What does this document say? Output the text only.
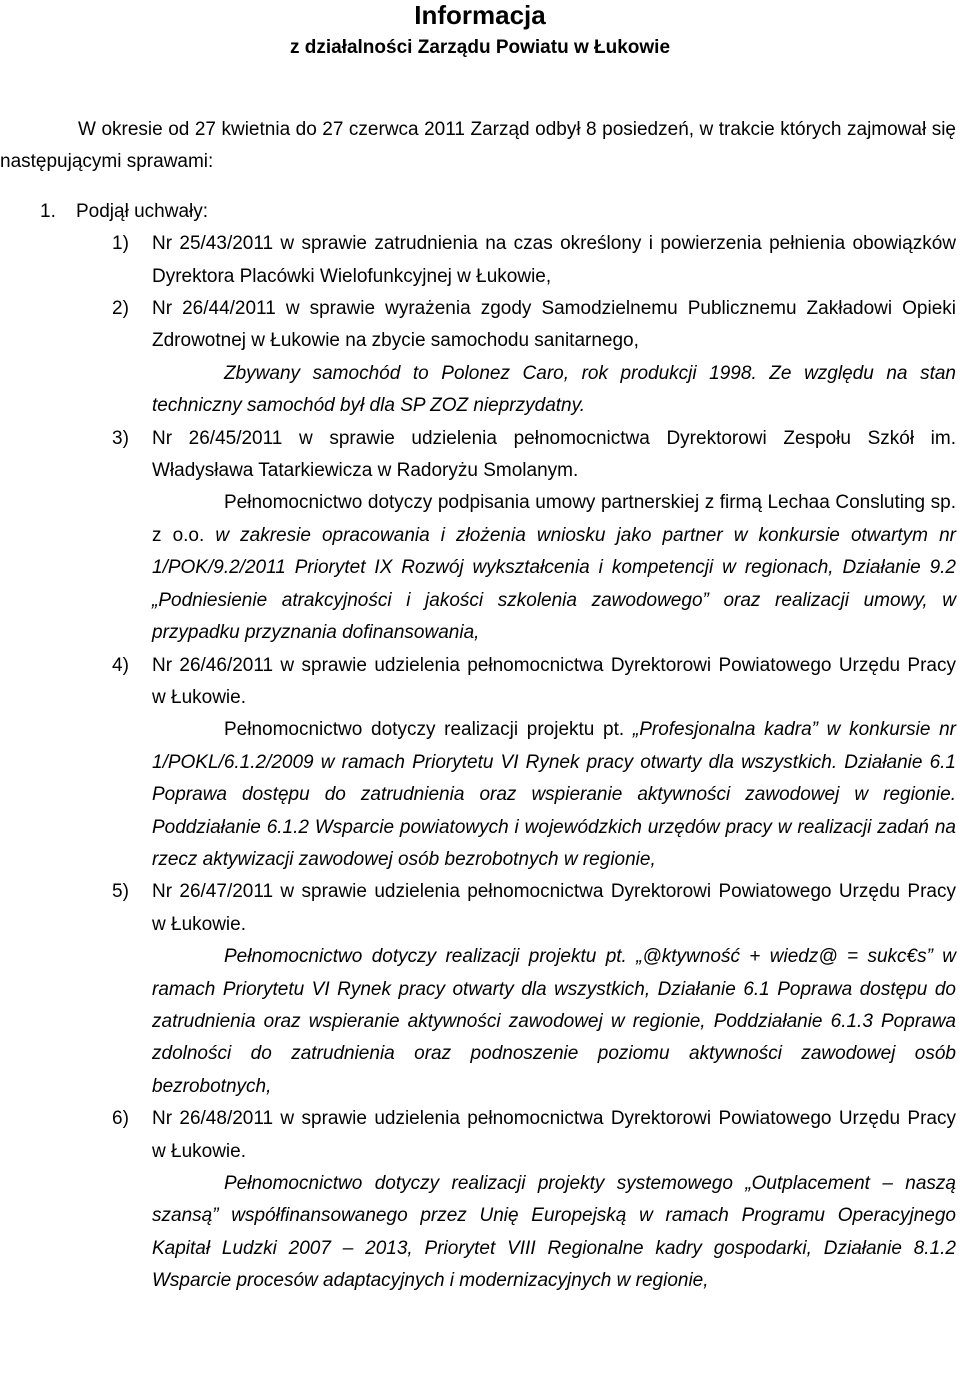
Informacja
z działalności Zarządu Powiatu w Łukowie

W okresie od 27 kwietnia do 27 czerwca 2011 Zarząd odbył 8 posiedzeń, w trakcie których zajmował się następującymi sprawami:

1. Podjął uchwały:
1) Nr 25/43/2011 w sprawie zatrudnienia na czas określony i powierzenia pełnienia obowiązków Dyrektora Placówki Wielofunkcyjnej w Łukowie,
2) Nr 26/44/2011 w sprawie wyrażenia zgody Samodzielnemu Publicznemu Zakładowi Opieki Zdrowotnej w Łukowie na zbycie samochodu sanitarnego,

Zbywany samochód to Polonez Caro, rok produkcji 1998. Ze względu na stan techniczny samochód był dla SP ZOZ nieprzydatny.

3) Nr 26/45/2011 w sprawie udzielenia pełnomocnictwa Dyrektorowi Zespołu Szkół im. Władysława Tatarkiewicza w Radoryżu Smolanym.

Pełnomocnictwo dotyczy podpisania umowy partnerskiej z firmą Lechaa Consluting sp. z o.o. w zakresie opracowania i złożenia wniosku jako partner w konkursie otwartym nr 1/POK/9.2/2011 Priorytet IX Rozwój wykształcenia i kompetencji w regionach, Działanie 9.2 „Podniesienie atrakcyjności i jakości szkolenia zawodowego” oraz realizacji umowy, w przypadku przyznania dofinansowania,

4) Nr 26/46/2011 w sprawie udzielenia pełnomocnictwa Dyrektorowi Powiatowego Urzędu Pracy w Łukowie.

Pełnomocnictwo dotyczy realizacji projektu pt. „Profesjonalna kadra” w konkursie nr 1/POKL/6.1.2/2009 w ramach Priorytetu VI Rynek pracy otwarty dla wszystkich. Działanie 6.1 Poprawa dostępu do zatrudnienia oraz wspieranie aktywności zawodowej w regionie. Poddziałanie 6.1.2 Wsparcie powiatowych i wojewódzkich urzędów pracy w realizacji zadań na rzecz aktywizacji zawodowej osób bezrobotnych w regionie,

5) Nr 26/47/2011 w sprawie udzielenia pełnomocnictwa Dyrektorowi Powiatowego Urzędu Pracy w Łukowie.

Pełnomocnictwo dotyczy realizacji projektu pt. „@ktywność + wiedz@ = sukc€s” w ramach Priorytetu VI Rynek pracy otwarty dla wszystkich, Działanie 6.1 Poprawa dostępu do zatrudnienia oraz wspieranie aktywności zawodowej w regionie, Poddziałanie 6.1.3 Poprawa zdolności do zatrudnienia oraz podnoszenie poziomu aktywności zawodowej osób bezrobotnych,

6) Nr 26/48/2011 w sprawie udzielenia pełnomocnictwa Dyrektorowi Powiatowego Urzędu Pracy w Łukowie.

Pełnomocnictwo dotyczy realizacji projekty systemowego „Outplacement – naszą szansą” współfinansowanego przez Unię Europejską w ramach Programu Operacyjnego Kapitał Ludzki 2007 – 2013, Priorytet VIII Regionalne kadry gospodarki, Działanie 8.1.2 Wsparcie procesów adaptacyjnych i modernizacyjnych w regionie,
